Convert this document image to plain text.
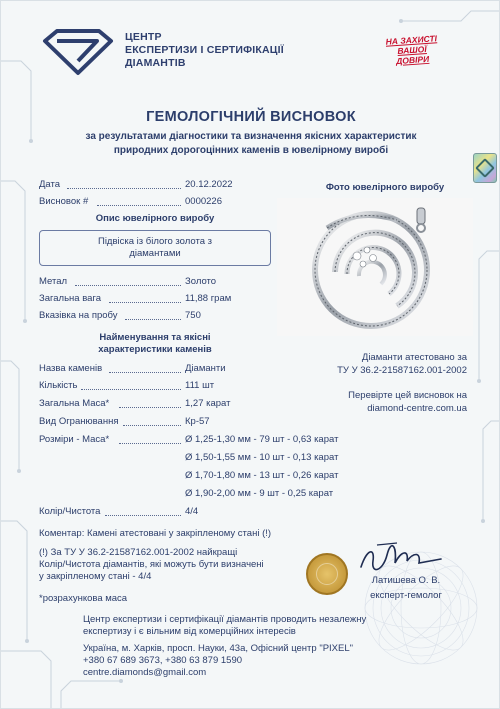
ЦЕНТР
ЕКСПЕРТИЗИ І СЕРТИФІКАЦІЇ
ДІАМАНТІВ
НА ЗАХИСТІ
ВАШОЇ
ДОВІРИ
ГЕМОЛОГІЧНИЙ ВИСНОВОК
за результатами діагностики та визначення якісних характеристик
природних дорогоцінних каменів в ювелірному виробі
Дата	20.12.2022
Висновок #	0000226
Опис ювелірного виробу
Підвіска із білого золота з
діамантами
Метал	Золото
Загальна вага	11,88 грам
Вказівка на пробу	750
Найменування та якісні
характеристики каменів
Назва каменів	Діаманти
Кількість	111 шт
Загальна Маса*	1,27 карат
Вид Огранювання	Кр-57
Розміри - Маса*	Ø 1,25-1,30 мм - 79 шт - 0,63 карат
Ø 1,50-1,55 мм - 10 шт - 0,13 карат
Ø 1,70-1,80 мм - 13 шт - 0,26 карат
Ø 1,90-2,00 мм - 9 шт - 0,25 карат
Колір/Чистота	4/4
Фото ювелірного виробу
Діаманти атестовано за
ТУ У 36.2-21587162.001-2002
Перевірте цей висновок на
diamond-centre.com.ua
Коментар: Камені атестовані у закріпленому стані (!)
(!) За ТУ У 36.2-21587162.001-2002 найкращі
Колір/Чистота діамантів, які можуть бути визначені
у закріпленому стані - 4/4
*розрахункова маса
Латишева О. В.
експерт-гемолог
Центр експертизи і сертифікації діамантів проводить незалежну
експертизу і є вільним від комерційних інтересів
Україна, м. Харків, просп. Науки, 43а, Офісний центр "PIXEL"
+380 67 689 3673, +380 63 879 1590
centre.diamonds@gmail.com
